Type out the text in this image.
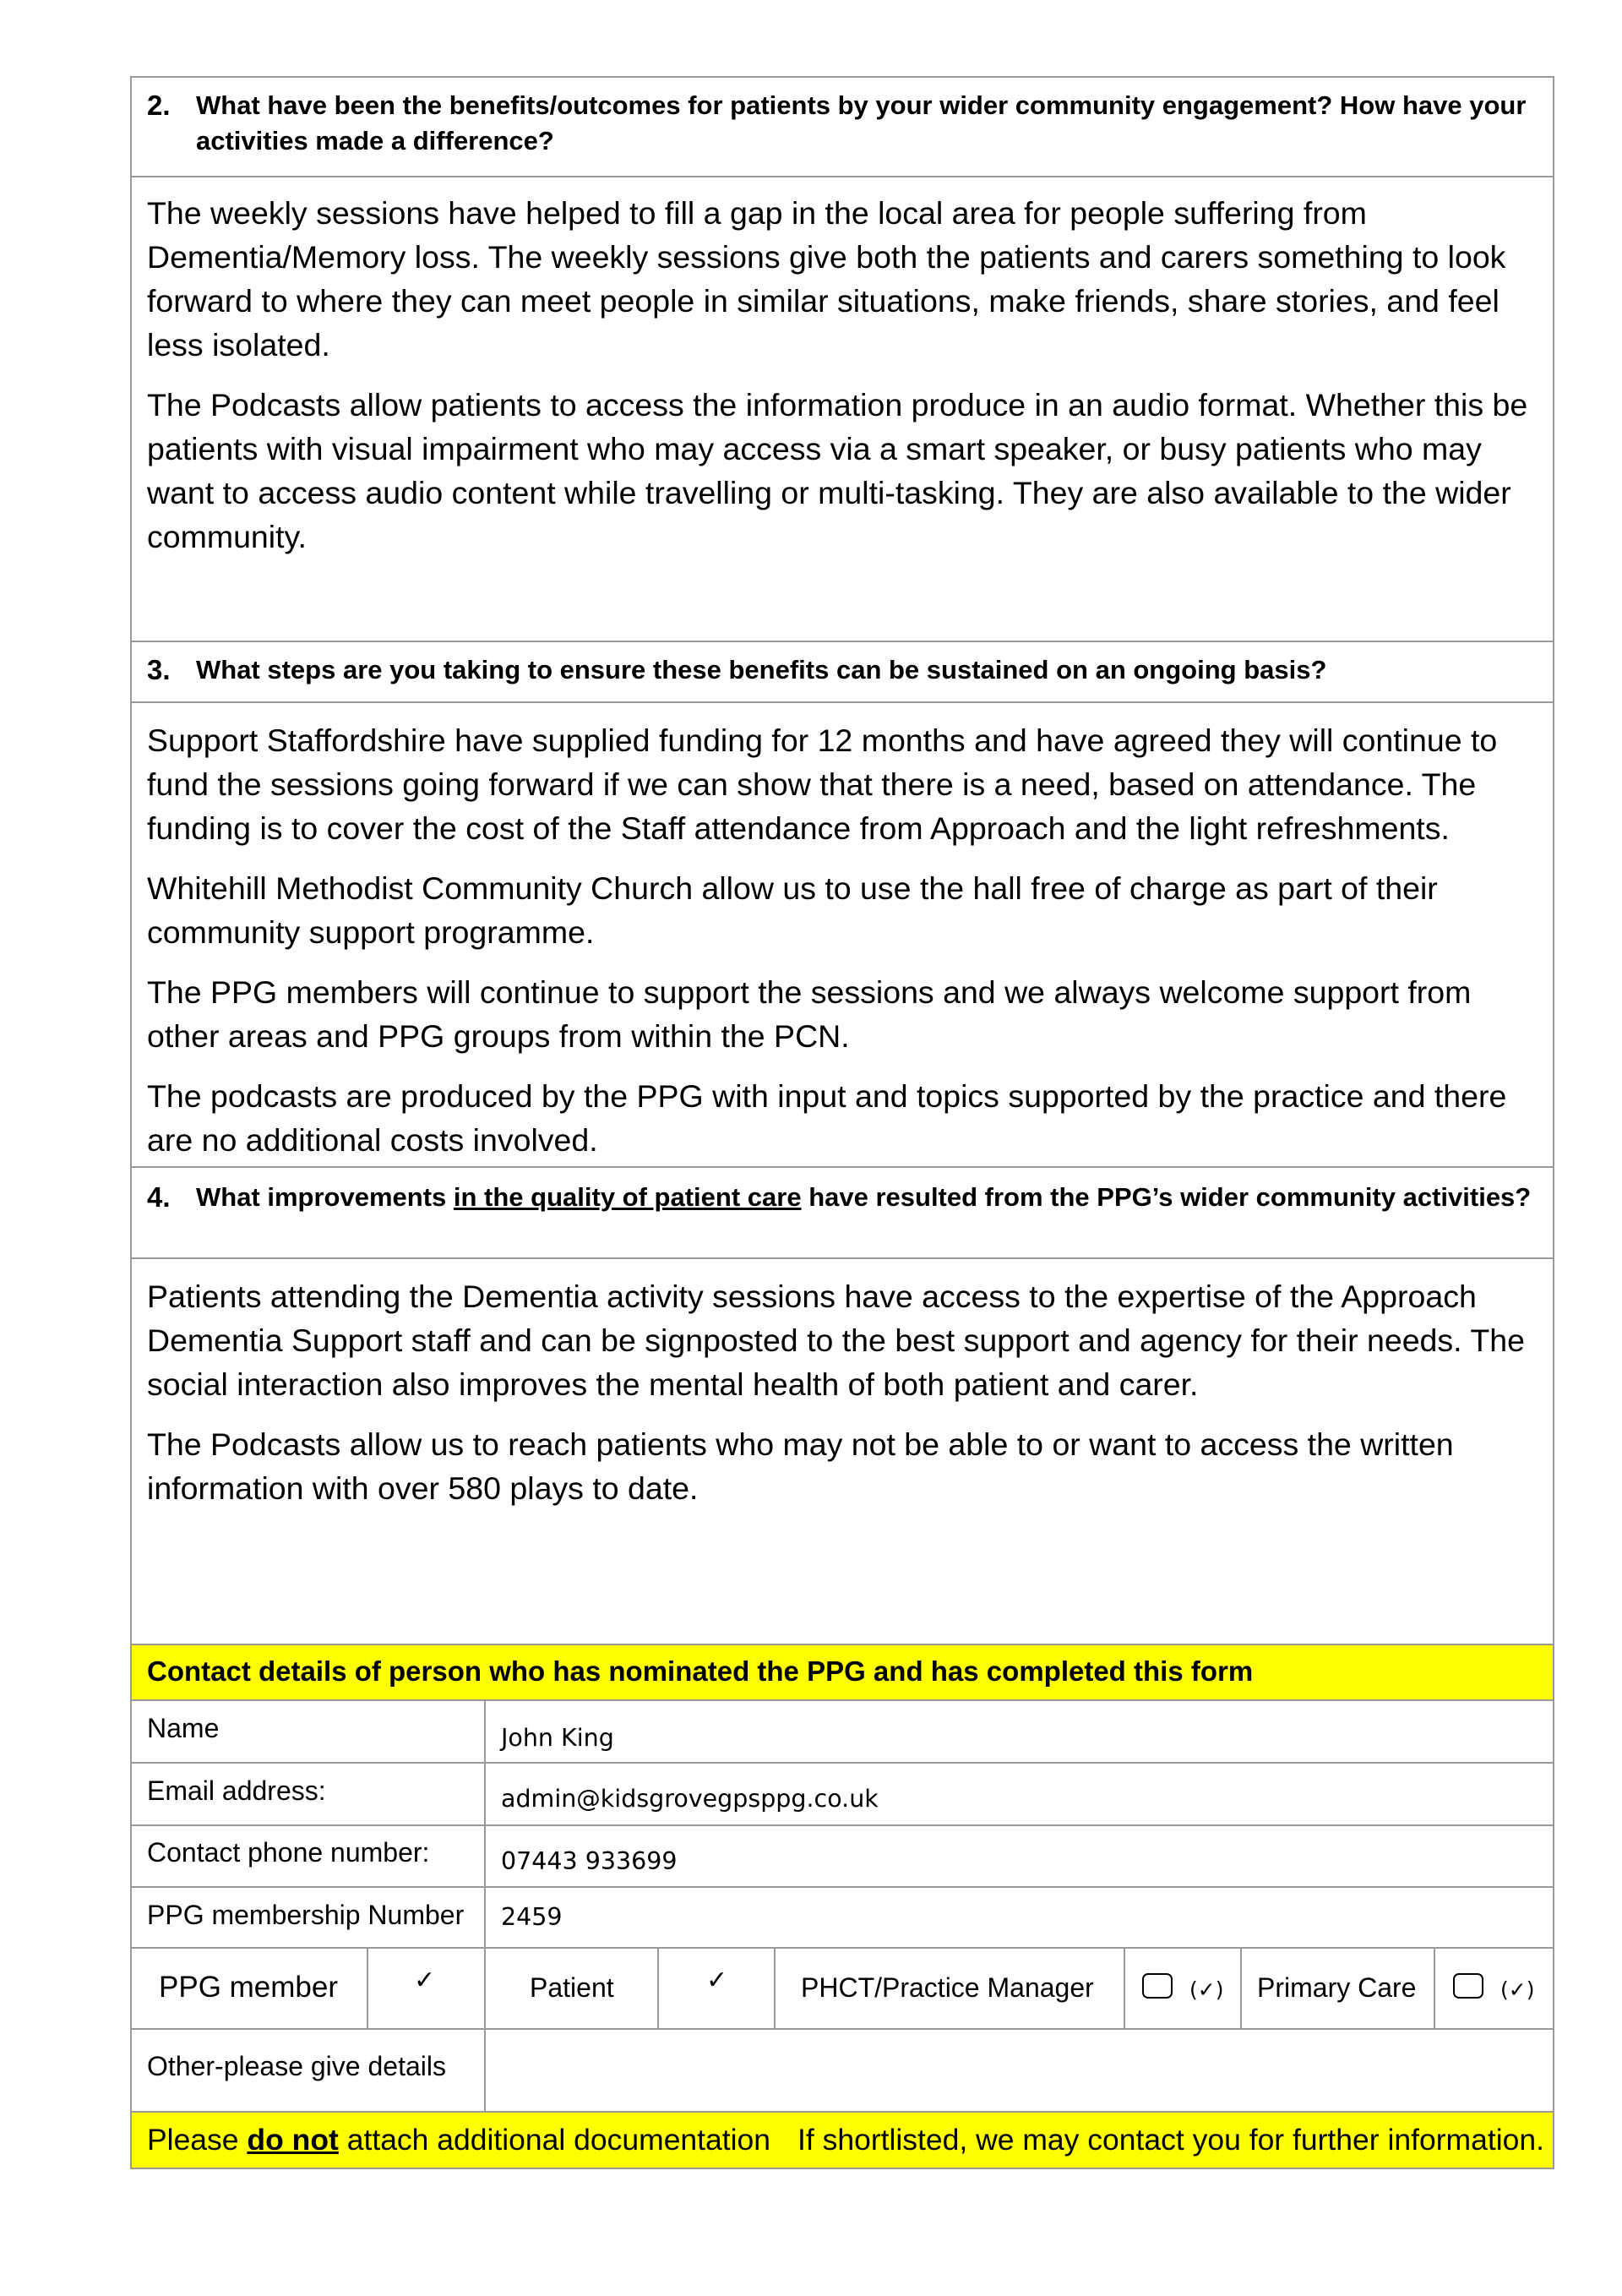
2. What have been the benefits/outcomes for patients by your wider community engagement? How have your activities made a difference?

The weekly sessions have helped to fill a gap in the local area for people suffering from Dementia/Memory loss. The weekly sessions give both the patients and carers something to look forward to where they can meet people in similar situations, make friends, share stories, and feel less isolated.

The Podcasts allow patients to access the information produce in an audio format. Whether this be patients with visual impairment who may access via a smart speaker, or busy patients who may want to access audio content while travelling or multi-tasking. They are also available to the wider community.

3. What steps are you taking to ensure these benefits can be sustained on an ongoing basis?

Support Staffordshire have supplied funding for 12 months and have agreed they will continue to fund the sessions going forward if we can show that there is a need, based on attendance. The funding is to cover the cost of the Staff attendance from Approach and the light refreshments.

Whitehill Methodist Community Church allow us to use the hall free of charge as part of their community support programme.

The PPG members will continue to support the sessions and we always welcome support from other areas and PPG groups from within the PCN.

The podcasts are produced by the PPG with input and topics supported by the practice and there are no additional costs involved.

4. What improvements in the quality of patient care have resulted from the PPG’s wider community activities?

Patients attending the Dementia activity sessions have access to the expertise of the Approach Dementia Support staff and can be signposted to the best support and agency for their needs. The social interaction also improves the mental health of both patient and carer.

The Podcasts allow us to reach patients who may not be able to or want to access the written information with over 580 plays to date.

Contact details of person who has nominated the PPG and has completed this form
Name	John King
Email address:	admin@kidsgrovegpsppg.co.uk
Contact phone number:	07443 933699
PPG membership Number 2459
PPG member	✓	Patient	✓	PHCT/Practice Manager	(✓) Primary Care	(✓)
Other-please give details
Please do not attach additional documentation If shortlisted, we may contact you for further information.
